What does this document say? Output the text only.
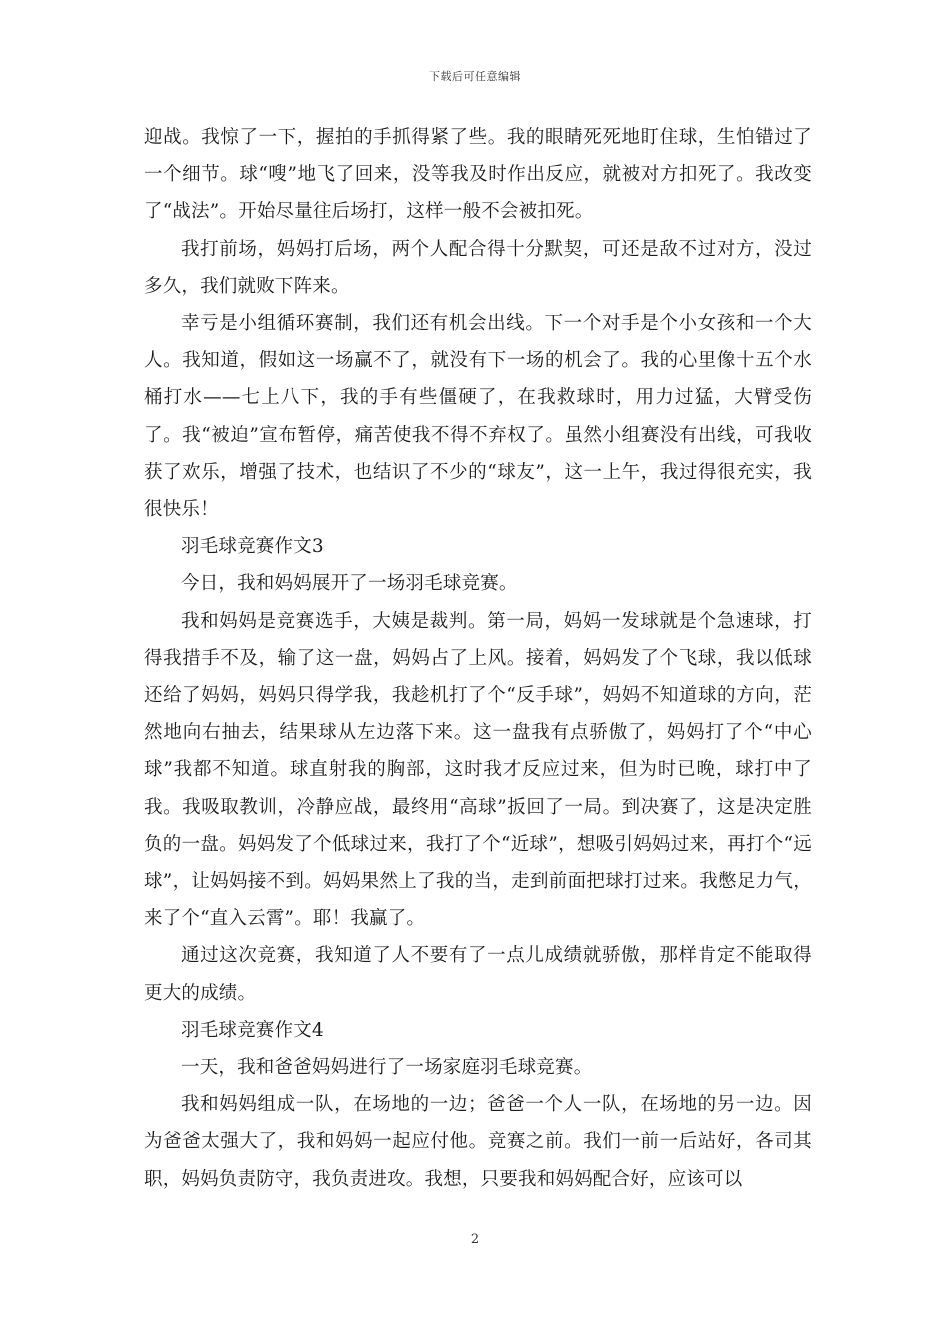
下载后可任意编辑

迎战。我惊了一下，握拍的手抓得紧了些。我的眼睛死死地盯住球，生怕错过了一个细节。球“嗖”地飞了回来，没等我及时作出反应，就被对方扣死了。我改变了“战法”。开始尽量往后场打，这样一般不会被扣死。

我打前场，妈妈打后场，两个人配合得十分默契，可还是敌不过对方，没过多久，我们就败下阵来。

幸亏是小组循环赛制，我们还有机会出线。下一个对手是个小女孩和一个大人。我知道，假如这一场赢不了，就没有下一场的机会了。我的心里像十五个水桶打水——七上八下，我的手有些僵硬了，在我救球时，用力过猛，大臂受伤了。我“被迫”宣布暂停，痛苦使我不得不弃权了。虽然小组赛没有出线，可我收获了欢乐，增强了技术，也结识了不少的“球友”，这一上午，我过得很充实，我很快乐！

羽毛球竞赛作文3

今日，我和妈妈展开了一场羽毛球竞赛。

我和妈妈是竞赛选手，大姨是裁判。第一局，妈妈一发球就是个急速球，打得我措手不及，输了这一盘，妈妈占了上风。接着，妈妈发了个飞球，我以低球还给了妈妈，妈妈只得学我，我趁机打了个“反手球”，妈妈不知道球的方向，茫然地向右抽去，结果球从左边落下来。这一盘我有点骄傲了，妈妈打了个“中心球”我都不知道。球直射我的胸部，这时我才反应过来，但为时已晚，球打中了我。我吸取教训，冷静应战，最终用“高球”扳回了一局。到决赛了，这是决定胜负的一盘。妈妈发了个低球过来，我打了个“近球”，想吸引妈妈过来，再打个“远球”，让妈妈接不到。妈妈果然上了我的当，走到前面把球打过来。我憋足力气，来了个“直入云霄”。耶！我赢了。

通过这次竞赛，我知道了人不要有了一点儿成绩就骄傲，那样肯定不能取得更大的成绩。

羽毛球竞赛作文4

一天，我和爸爸妈妈进行了一场家庭羽毛球竞赛。

我和妈妈组成一队，在场地的一边；爸爸一个人一队，在场地的另一边。因为爸爸太强大了，我和妈妈一起应付他。竞赛之前。我们一前一后站好，各司其职，妈妈负责防守，我负责进攻。我想，只要我和妈妈配合好，应该可以

2
